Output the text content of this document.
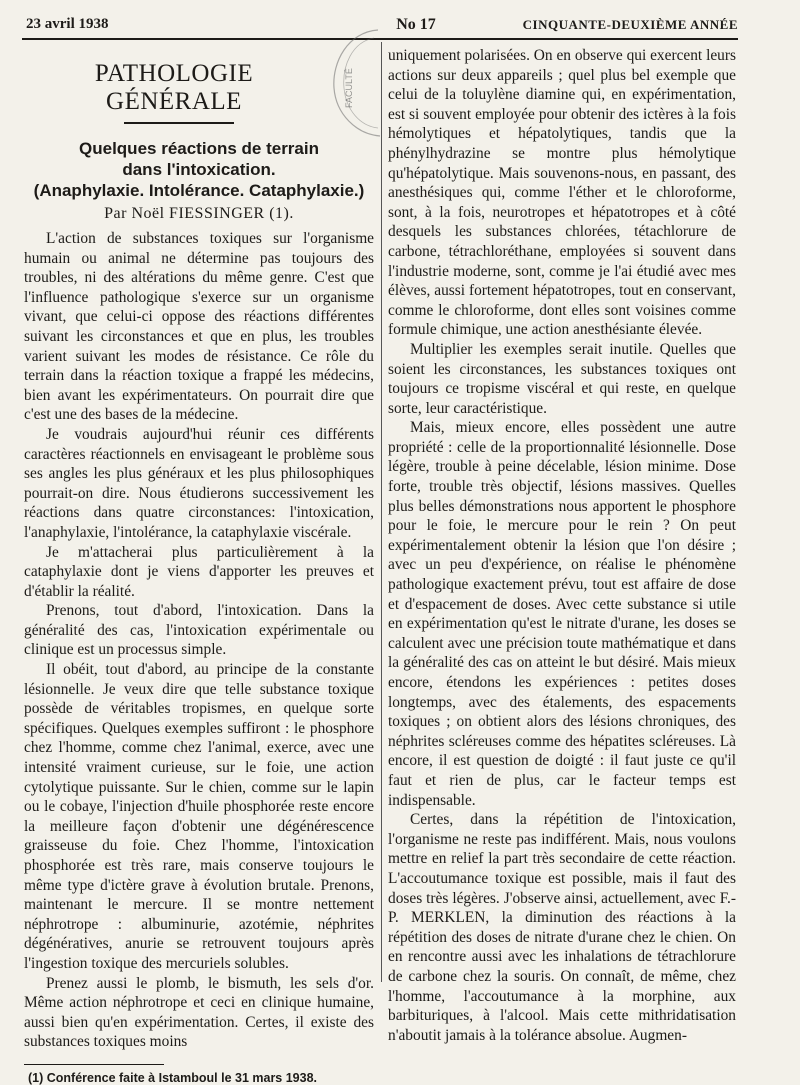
23 avril 1938	No 17	CINQUANTE-DEUXIÈME ANNÉE
PATHOLOGIE GÉNÉRALE
Quelques réactions de terrain
dans l'intoxication.
(Anaphylaxie. Intolérance. Cataphylaxie.)
Par Noël FIESSINGER (1).

L'action de substances toxiques sur l'organisme humain ou animal ne détermine pas toujours des troubles, ni des altérations du même genre. C'est que l'influence pathologique s'exerce sur un organisme vivant, que celui-ci oppose des réactions différentes suivant les circonstances et que en plus, les troubles varient suivant les modes de résistance. Ce rôle du terrain dans la réaction toxique a frappé les médecins, bien avant les expérimentateurs. On pourrait dire que c'est une des bases de la médecine.

Je voudrais aujourd'hui réunir ces différents caractères réactionnels en envisageant le problème sous ses angles les plus généraux et les plus philosophiques pourrait-on dire. Nous étudierons successivement les réactions dans quatre circonstances: l'intoxication, l'anaphylaxie, l'intolérance, la cataphylaxie viscérale.

Je m'attacherai plus particulièrement à la cataphylaxie dont je viens d'apporter les preuves et d'établir la réalité.

Prenons, tout d'abord, l'intoxication. Dans la généralité des cas, l'intoxication expérimentale ou clinique est un processus simple.

Il obéit, tout d'abord, au principe de la constante lésionnelle. Je veux dire que telle substance toxique possède de véritables tropismes, en quelque sorte spécifiques. Quelques exemples suffiront : le phosphore chez l'homme, comme chez l'animal, exerce, avec une intensité vraiment curieuse, sur le foie, une action cytolytique puissante. Sur le chien, comme sur le lapin ou le cobaye, l'injection d'huile phosphorée reste encore la meilleure façon d'obtenir une dégénérescence graisseuse du foie. Chez l'homme, l'intoxication phosphorée est très rare, mais conserve toujours le même type d'ictère grave à évolution brutale. Prenons, maintenant le mercure. Il se montre nettement néphrotrope : albuminurie, azotémie, néphrites dégénératives, anurie se retrouvent toujours après l'ingestion toxique des mercuriels solubles.

Prenez aussi le plomb, le bismuth, les sels d'or. Même action néphrotrope et ceci en clinique humaine, aussi bien qu'en expérimentation. Certes, il existe des substances toxiques moins

(1) Conférence faite à Istamboul le 31 mars 1938.

uniquement polarisées. On en observe qui exercent leurs actions sur deux appareils ; quel plus bel exemple que celui de la toluylène diamine qui, en expérimentation, est si souvent employée pour obtenir des ictères à la fois hémolytiques et hépatolytiques, tandis que la phénylhydrazine se montre plus hémolytique qu'hépatolytique. Mais souvenons-nous, en passant, des anesthésiques qui, comme l'éther et le chloroforme, sont, à la fois, neurotropes et hépatotropes et à côté desquels les substances chlorées, tétachlorure de carbone, tétrachloréthane, employées si souvent dans l'industrie moderne, sont, comme je l'ai étudié avec mes élèves, aussi fortement hépatotropes, tout en conservant, comme le chloroforme, dont elles sont voisines comme formule chimique, une action anesthésiante élevée.

Multiplier les exemples serait inutile. Quelles que soient les circonstances, les substances toxiques ont toujours ce tropisme viscéral et qui reste, en quelque sorte, leur caractéristique.

Mais, mieux encore, elles possèdent une autre propriété : celle de la proportionnalité lésionnelle. Dose légère, trouble à peine décelable, lésion minime. Dose forte, trouble très objectif, lésions massives. Quelles plus belles démonstrations nous apportent le phosphore pour le foie, le mercure pour le rein ? On peut expérimentalement obtenir la lésion que l'on désire ; avec un peu d'expérience, on réalise le phénomène pathologique exactement prévu, tout est affaire de dose et d'espacement de doses. Avec cette substance si utile en expérimentation qu'est le nitrate d'urane, les doses se calculent avec une précision toute mathématique et dans la généralité des cas on atteint le but désiré. Mais mieux encore, étendons les expériences : petites doses longtemps, avec des étalements, des espacements toxiques ; on obtient alors des lésions chroniques, des néphrites scléreuses comme des hépatites scléreuses. Là encore, il est question de doigté : il faut juste ce qu'il faut et rien de plus, car le facteur temps est indispensable.

Certes, dans la répétition de l'intoxication, l'organisme ne reste pas indifférent. Mais, nous voulons mettre en relief la part très secondaire de cette réaction. L'accoutumance toxique est possible, mais il faut des doses très légères. J'observe ainsi, actuellement, avec F.-P. MERKLEN, la diminution des réactions à la répétition des doses de nitrate d'urane chez le chien. On en rencontre aussi avec les inhalations de tétrachlorure de carbone chez la souris. On connaît, de même, chez l'homme, l'accoutumance à la morphine, aux barbituriques, à l'alcool. Mais cette mithridatisation n'aboutit jamais à la tolérance absolue. Augmen-

FACULTÉ
